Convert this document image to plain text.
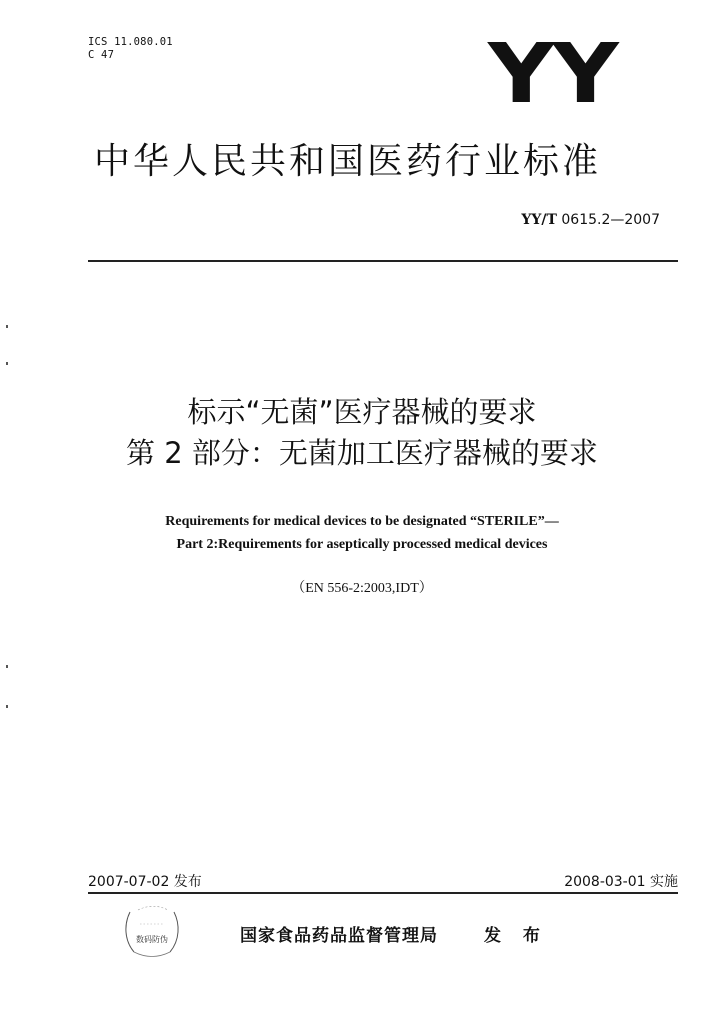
ICS 11.080.01
C 47	YY
中华人民共和国医药行业标准
YY/T 0615.2—2007
标示“无菌”医疗器械的要求
第 2 部分：无菌加工医疗器械的要求
Requirements for medical devices to be designated “STERILE”—
Part 2:Requirements for aseptically processed medical devices
（EN 556-2:2003,IDT）
2007-07-02 发布	2008-03-01 实施
数码防伪	国家食品药品监督管理局	发 布
